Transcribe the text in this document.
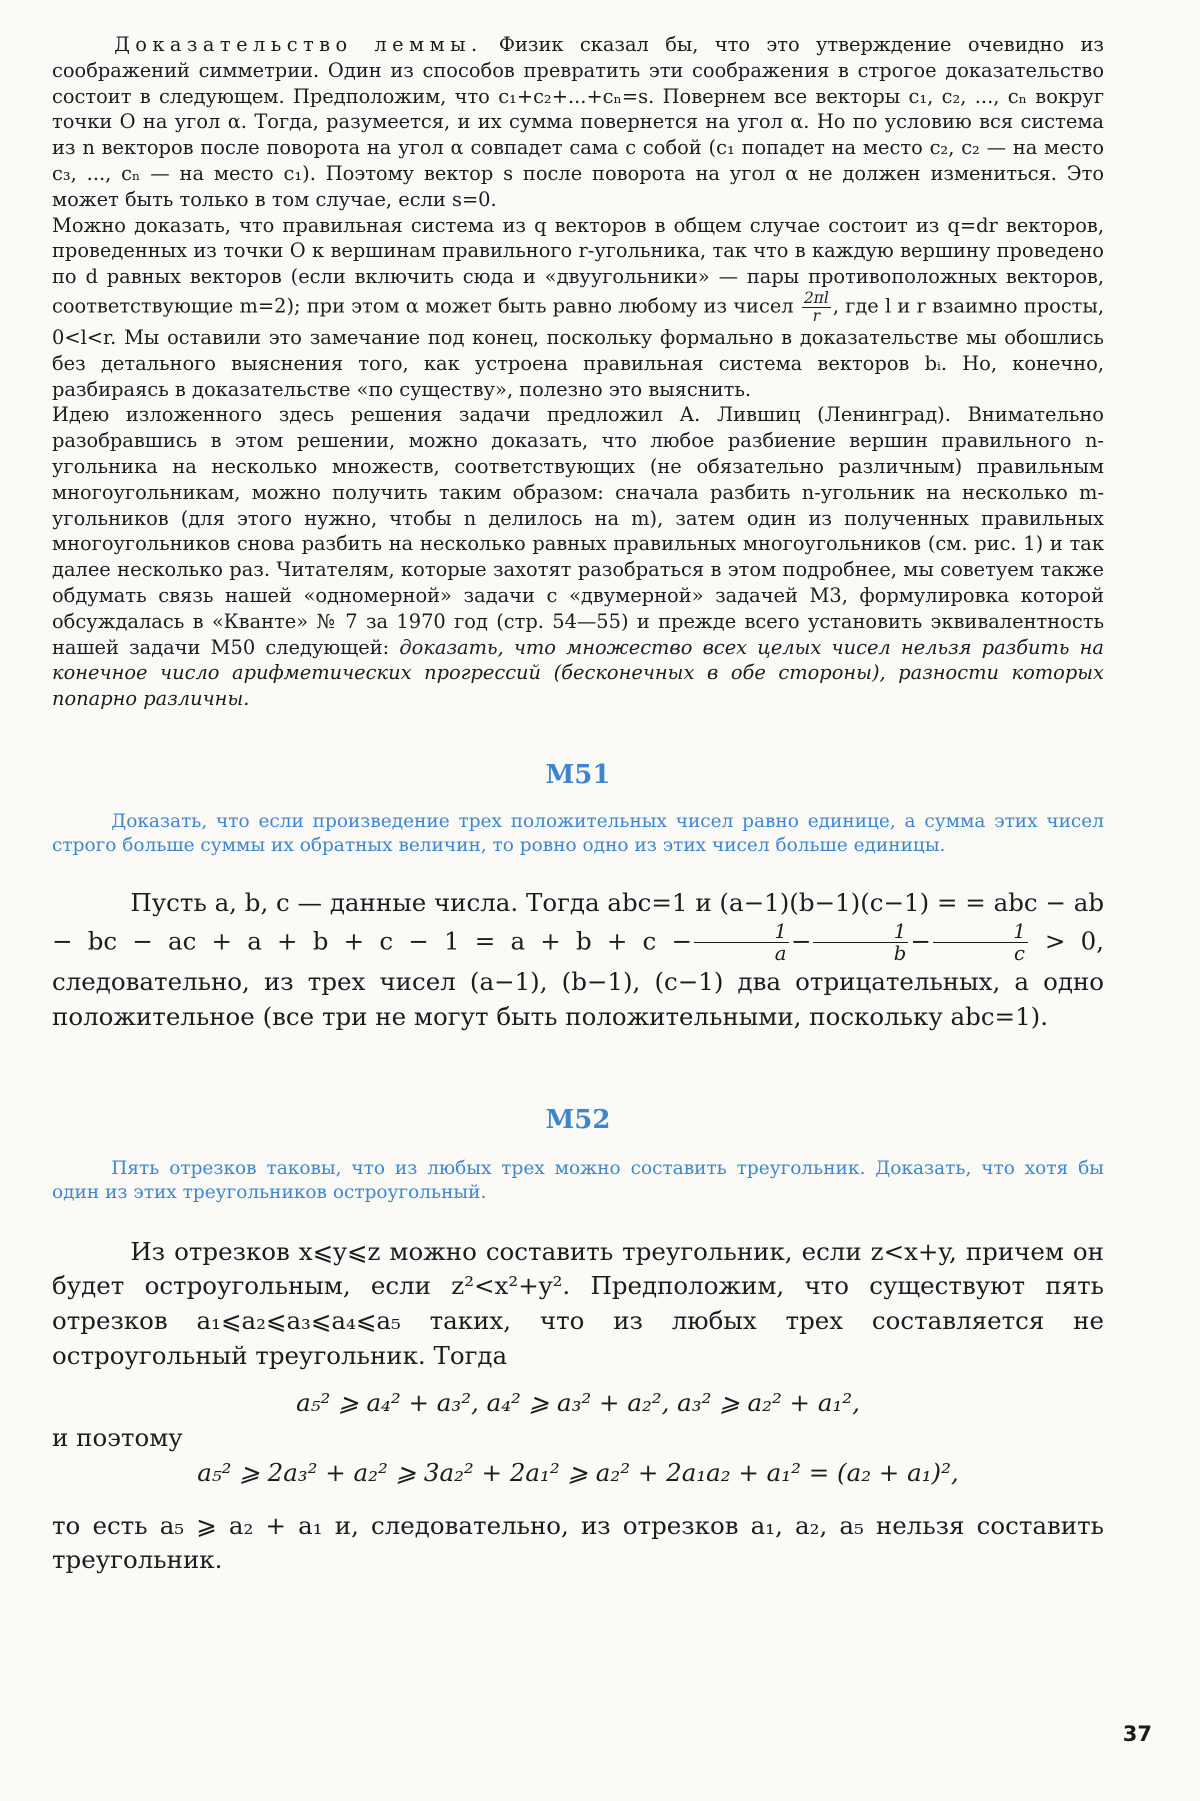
Доказательство леммы. Физик сказал бы, что это утверждение очевидно из соображений симметрии. Один из способов превратить эти соображения в строгое доказательство состоит в следующем. Предположим, что c₁+c₂+...+cₙ=s. Повернем все векторы c₁, c₂, ..., cₙ вокруг точки O на угол α. Тогда, разумеется, и их сумма повернется на угол α. Но по условию вся система из n векторов после поворота на угол α совпадет сама с собой (c₁ попадет на место c₂, c₂ — на место c₃, ..., cₙ — на место c₁). Поэтому вектор s после поворота на угол α не должен измениться. Это может быть только в том случае, если s=0.

Можно доказать, что правильная система из q векторов в общем случае состоит из q=dr векторов, проведенных из точки O к вершинам правильного r-угольника, так что в каждую вершину проведено по d равных векторов (если включить сюда и «двуугольники» — пары противоположных векторов, соответствующие m=2); при этом α может быть равно любому из чисел $\frac{2\pi l}{r}$ , где l и r взаимно просты, 0<l<r. Мы оставили это замечание под конец, поскольку формально в доказательстве мы обошлись без детального выяснения того, как устроена правильная система векторов bᵢ. Но, конечно, разбираясь в доказательстве «по существу», полезно это выяснить.

Идею изложенного здесь решения задачи предложил А. Лившиц (Ленинград). Внимательно разобравшись в этом решении, можно доказать, что любое разбиение вершин правильного n-угольника на несколько множеств, соответствующих (не обязательно различным) правильным многоугольникам, можно получить таким образом: сначала разбить n-угольник на несколько m-угольников (для этого нужно, чтобы n делилось на m), затем один из полученных правильных многоугольников снова разбить на несколько равных правильных многоугольников (см. рис. 1) и так далее несколько раз. Читателям, которые захотят разобраться в этом подробнее, мы советуем также обдумать связь нашей «одномерной» задачи с «двумерной» задачей M3, формулировка которой обсуждалась в «Кванте» № 7 за 1970 год (стр. 54—55) и прежде всего установить эквивалентность нашей задачи M50 следующей: доказать, что множество всех целых чисел нельзя разбить на конечное число арифметических прогрессий (бесконечных в обе стороны), разности которых попарно различны.

M51

Доказать, что если произведение трех положительных чисел равно единице, а сумма этих чисел строго больше суммы их обратных величин, то ровно одно из этих чисел больше единицы.

Пусть a, b, c — данные числа. Тогда abc=1 и (a−1)(b−1)(c−1) = = abc − ab − bc − ac + $a + b + c - 1 = a + b + c - \frac{1}{a} - \frac{1}{b} - \frac{1}{c} > 0$, следовательно, из трех чисел (a−1), (b−1), (c−1) два отрицательных, а одно положительное (все три не могут быть положительными, поскольку abc=1).

M52

Пять отрезков таковы, что из любых трех можно составить треугольник. Доказать, что хотя бы один из этих треугольников остроугольный.

Из отрезков x⩽y⩽z можно составить треугольник, если z<x+y, причем он будет остроугольным, если z²<x²+y². Предположим, что существуют пять отрезков a₁⩽a₂⩽a₃⩽a₄⩽a₅ таких, что из любых трех составляется не остроугольный треугольник. Тогда

a₅² ⩾ a₄² + a₃², a₄² ⩾ a₃² + a₂², a₃² ⩾ a₂² + a₁²,

и поэтому

a₅² ⩾ 2a₃² + a₂² ⩾ 3a₂² + 2a₁² ⩾ a₂² + 2a₁a₂ + a₁² = (a₂ + a₁)²,

то есть a₅ ⩾ a₂ + a₁ и, следовательно, из отрезков a₁, a₂, a₅ нельзя составить треугольник.

37
